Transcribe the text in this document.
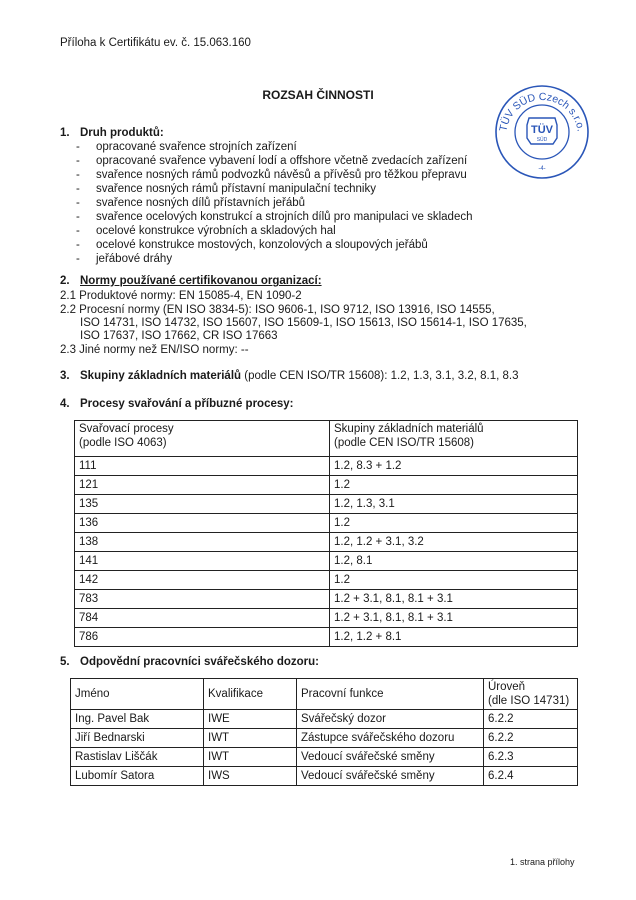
Příloha k Certifikátu ev. č. 15.063.160
ROZSAH ČINNOSTI
TÜV SÜD Czech s.r.o.
TÜV
SÜD
-4-
1. Druh produktů:
- opracované svařence strojních zařízení
- opracované svařence vybavení lodí a offshore včetně zvedacích zařízení
- svařence nosných rámů podvozků návěsů a přívěsů pro těžkou přepravu
- svařence nosných rámů přístavní manipulační techniky
- svařence nosných dílů přístavních jeřábů
- svařence ocelových konstrukcí a strojních dílů pro manipulaci ve skladech
- ocelové konstrukce výrobních a skladových hal
- ocelové konstrukce mostových, konzolových a sloupových jeřábů
- jeřábové dráhy
2. Normy používané certifikovanou organizací:
2.1 Produktové normy: EN 15085-4, EN 1090-2
2.2 Procesní normy (EN ISO 3834-5): ISO 9606-1, ISO 9712, ISO 13916, ISO 14555,
ISO 14731, ISO 14732, ISO 15607, ISO 15609-1, ISO 15613, ISO 15614-1, ISO 17635,
ISO 17637, ISO 17662, CR ISO 17663
2.3 Jiné normy než EN/ISO normy: --
3. Skupiny základních materiálů (podle CEN ISO/TR 15608): 1.2, 1.3, 3.1, 3.2, 8.1, 8.3
4. Procesy svařování a příbuzné procesy:
Svařovací procesy
(podle ISO 4063)	Skupiny základních materiálů
(podle CEN ISO/TR 15608)
111	1.2, 8.3 + 1.2
121	1.2
135	1.2, 1.3, 3.1
136	1.2
138	1.2, 1.2 + 3.1, 3.2
141	1.2, 8.1
142	1.2
783	1.2 + 3.1, 8.1, 8.1 + 3.1
784	1.2 + 3.1, 8.1, 8.1 + 3.1
786	1.2, 1.2 + 8.1
5. Odpovědní pracovníci svářečského dozoru:
Jméno	Kvalifikace	Pracovní funkce	Úroveň
(dle ISO 14731)
Ing. Pavel Bak	IWE	Svářečský dozor	6.2.2
Jiří Bednarski	IWT	Zástupce svářečského dozoru	6.2.2
Rastislav Liščák	IWT	Vedoucí svářečské směny	6.2.3
Lubomír Satora	IWS	Vedoucí svářečské směny	6.2.4
1. strana přílohy
